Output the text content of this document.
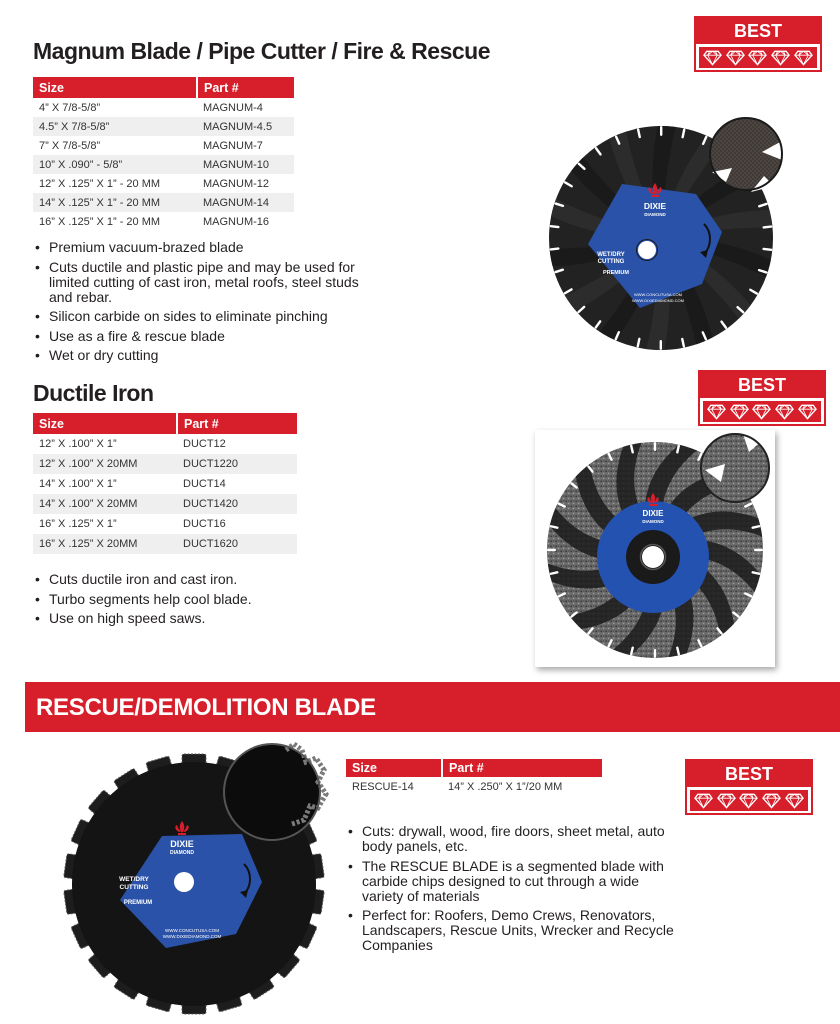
Magnum Blade / Pipe Cutter / Fire & Rescue
Size	Part #
4” X 7/8-5/8”	MAGNUM-4
4.5” X 7/8-5/8”	MAGNUM-4.5
7” X 7/8-5/8”	MAGNUM-7
10” X .090” - 5/8”	MAGNUM-10
12” X .125” X 1” - 20 MM	MAGNUM-12
14” X .125” X 1” - 20 MM	MAGNUM-14
16” X .125” X 1” - 20 MM	MAGNUM-16
• Premium vacuum-brazed blade
• Cuts ductile and plastic pipe and may be used for limited cutting of cast iron, metal roofs, steel studs and rebar.
• Silicon carbide on sides to eliminate pinching
• Use as a fire & rescue blade
• Wet or dry cutting
BEST
DIXIE
DIAMOND
WET/DRY
CUTTING
PREMIUM
WWW.CONCUTUSA.COM
WWW.DIXIEDIAMOND.COM
Ductile Iron
Size	Part #
12” X .100” X 1”	DUCT12
12” X .100” X 20MM	DUCT1220
14” X .100” X 1”	DUCT14
14” X .100” X 20MM	DUCT1420
16” X .125” X 1”	DUCT16
16” X .125” X 20MM	DUCT1620
• Cuts ductile iron and cast iron.
• Turbo segments help cool blade.
• Use on high speed saws.
BEST
DIXIE
DIAMOND
RESCUE/DEMOLITION BLADE
DIXIE
DIAMOND
WET/DRY
CUTTING
PREMIUM
WWW.CONCUTUSA.COM
WWW.DIXIEDIAMOND.COM
Size	Part #
RESCUE-14	14” X .250” X 1”/20 MM
• Cuts: drywall, wood, fire doors, sheet metal, auto body panels, etc.
• The RESCUE BLADE is a segmented blade with carbide chips designed to cut through a wide variety of materials
• Perfect for: Roofers, Demo Crews, Renovators, Landscapers, Rescue Units, Wrecker and Recycle Companies
BEST
